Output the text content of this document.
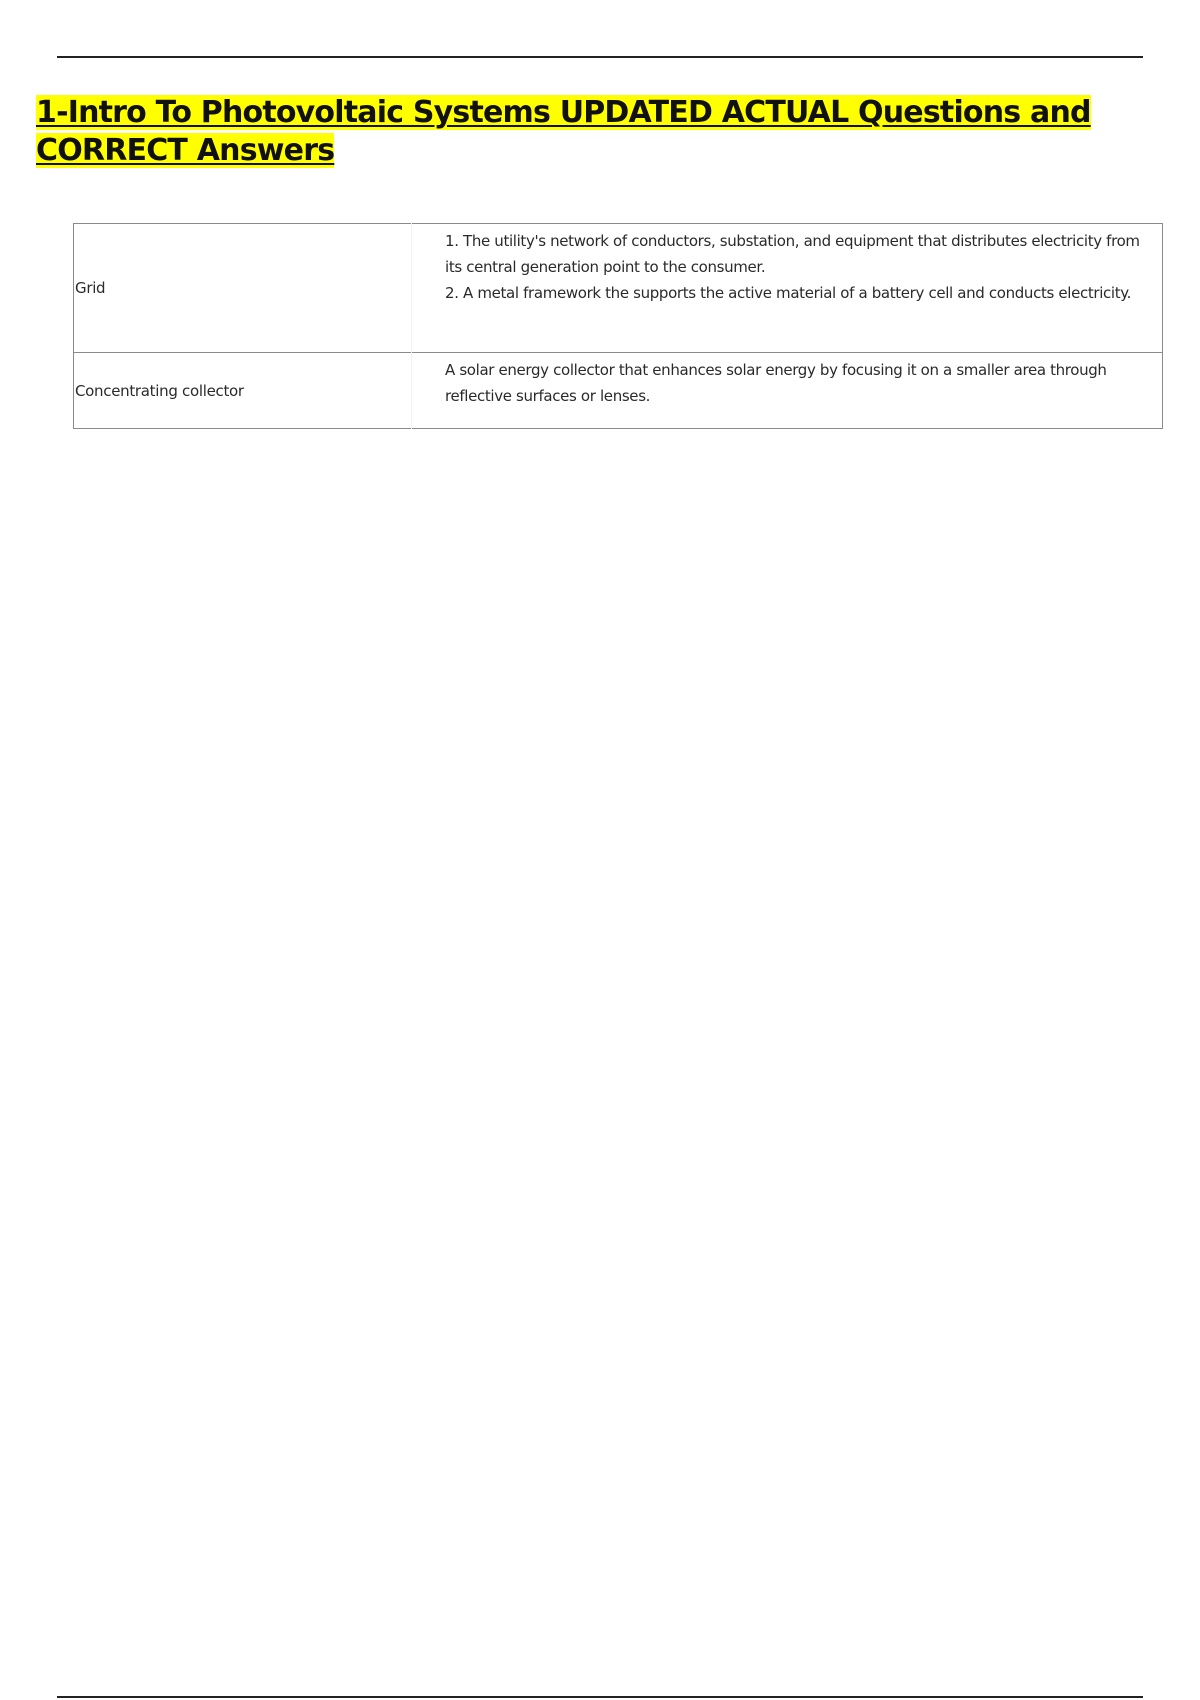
1-Intro To Photovoltaic Systems UPDATED ACTUAL Questions and CORRECT Answers
Grid	1. The utility's network of conductors, substation, and equipment that distributes electricity from its central generation point to the consumer.
2. A metal framework the supports the active material of a battery cell and conducts electricity.

Concentrating collector	A solar energy collector that enhances solar energy by focusing it on a smaller area through reflective surfaces or lenses.
